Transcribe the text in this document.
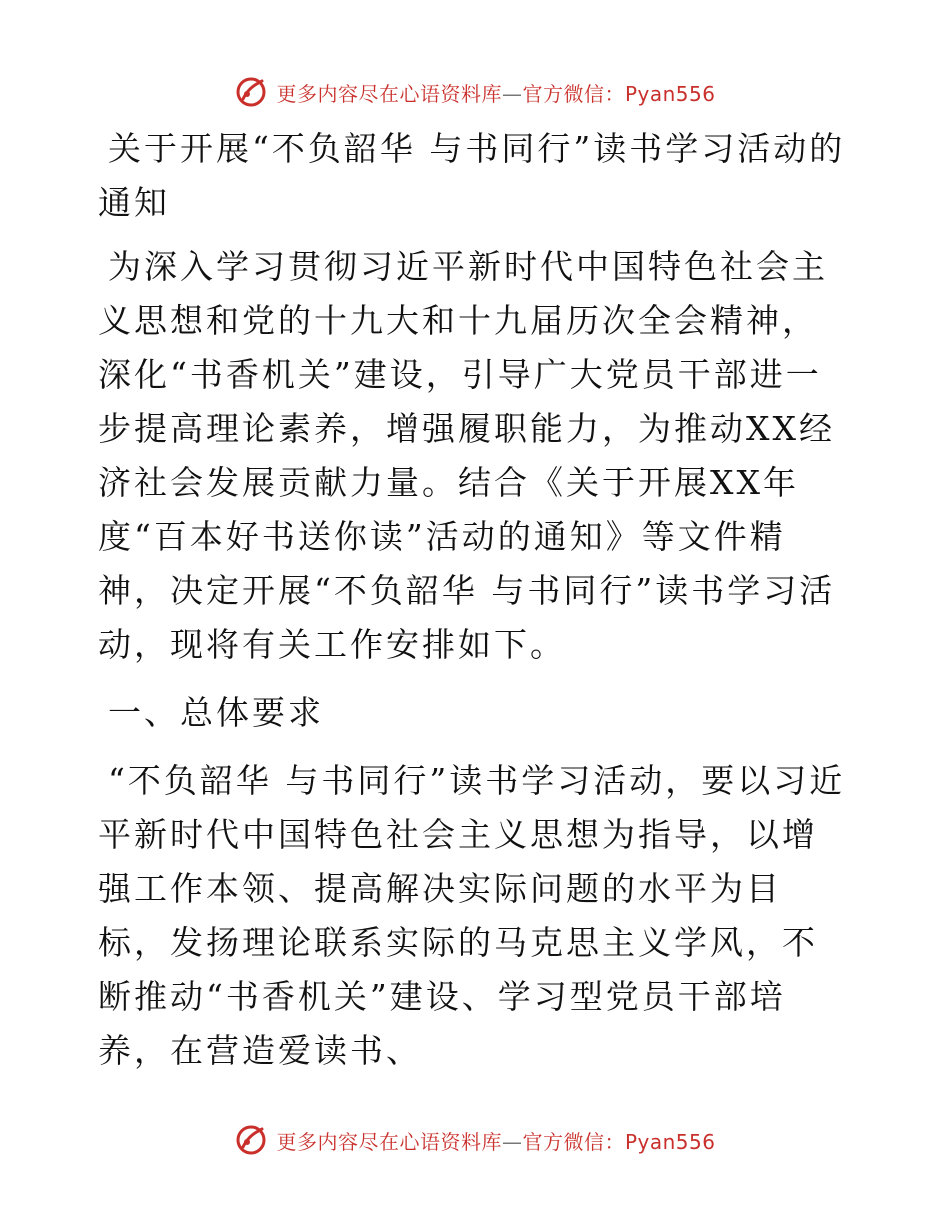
更多内容尽在心语资料库—官方微信：Pyan556

关于开展“不负韶华 与书同行”读书学习活动的通知

为深入学习贯彻习近平新时代中国特色社会主义思想和党的十九大和十九届历次全会精神，深化“书香机关”建设，引导广大党员干部进一步提高理论素养，增强履职能力，为推动XX经济社会发展贡献力量。结合《关于开展XX年度“百本好书送你读”活动的通知》等文件精神，决定开展“不负韶华 与书同行”读书学习活动，现将有关工作安排如下。

一、总体要求

“不负韶华 与书同行”读书学习活动，要以习近平新时代中国特色社会主义思想为指导，以增强工作本领、提高解决实际问题的水平为目标，发扬理论联系实际的马克思主义学风，不断推动“书香机关”建设、学习型党员干部培养，在营造爱读书、

更多内容尽在心语资料库—官方微信：Pyan556
